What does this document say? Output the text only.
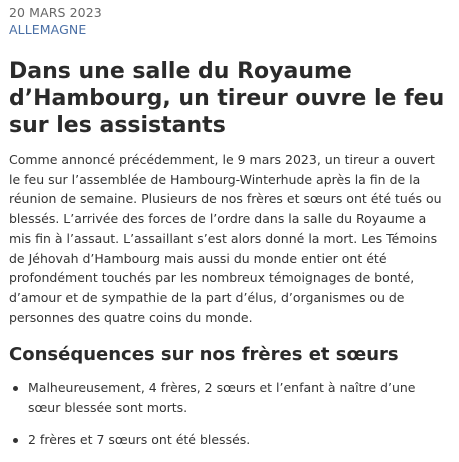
20 MARS 2023
ALLEMAGNE
Dans une salle du Royaume d’Hambourg, un tireur ouvre le feu sur les assistants

Comme annoncé précédemment, le 9 mars 2023, un tireur a ouvert le feu sur l’assemblée de Hambourg-Winterhude après la fin de la réunion de semaine. Plusieurs de nos frères et sœurs ont été tués ou blessés. L’arrivée des forces de l’ordre dans la salle du Royaume a mis fin à l’assaut. L’assaillant s’est alors donné la mort. Les Témoins de Jéhovah d’Hambourg mais aussi du monde entier ont été profondément touchés par les nombreux témoignages de bonté, d’amour et de sympathie de la part d’élus, d’organismes ou de personnes des quatre coins du monde.

Conséquences sur nos frères et sœurs
Malheureusement, 4 frères, 2 sœurs et l’enfant à naître d’une sœur blessée sont morts.
2 frères et 7 sœurs ont été blessés.
